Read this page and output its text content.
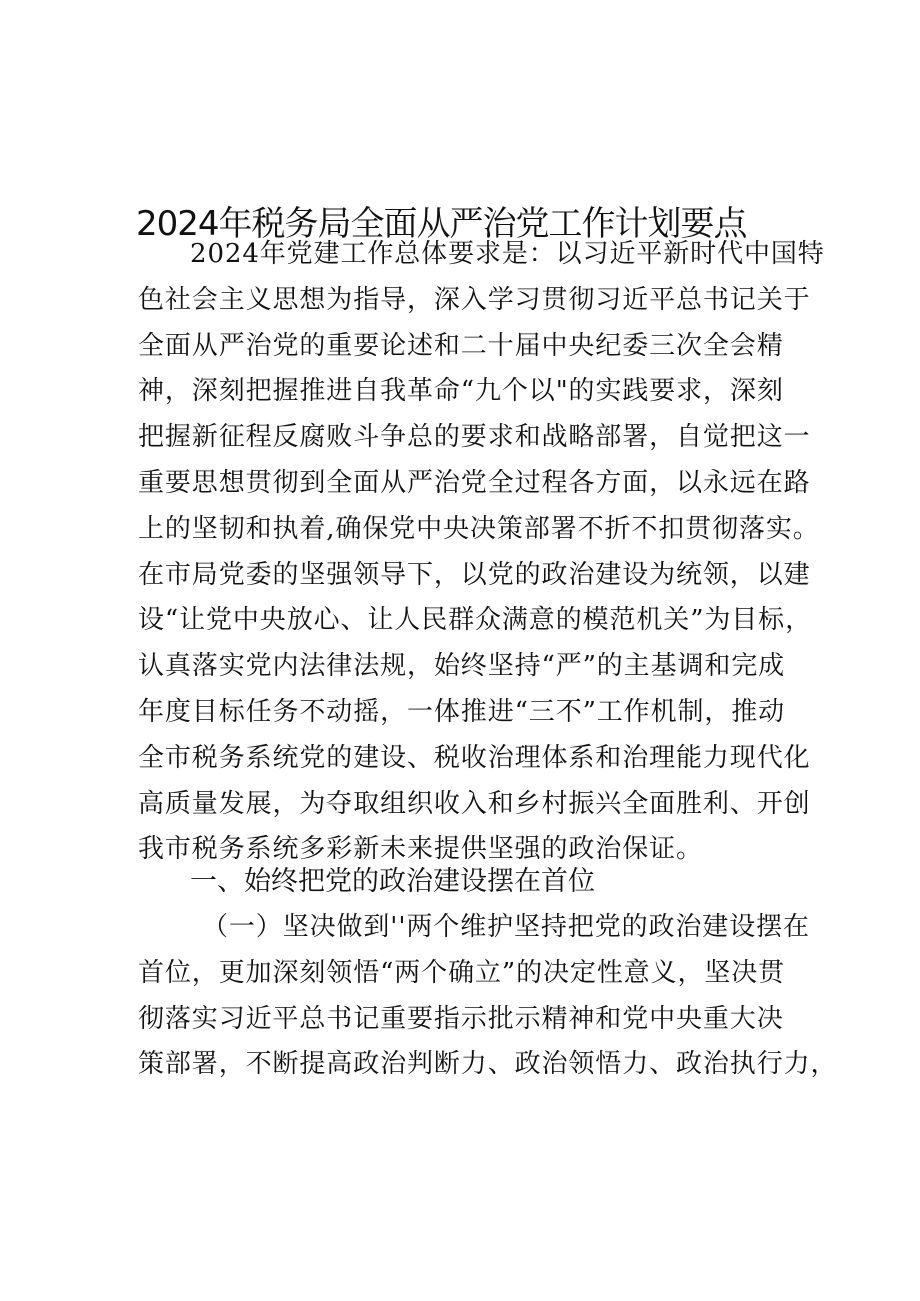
2024年税务局全面从严治党工作计划要点
2024年党建工作总体要求是：以习近平新时代中国特
色社会主义思想为指导，深入学习贯彻习近平总书记关于
全面从严治党的重要论述和二十届中央纪委三次全会精
神，深刻把握推进自我革命“九个以"的实践要求，深刻
把握新征程反腐败斗争总的要求和战略部署，自觉把这一
重要思想贯彻到全面从严治党全过程各方面，以永远在路
上的坚韧和执着,确保党中央决策部署不折不扣贯彻落实。
在市局党委的坚强领导下，以党的政治建设为统领，以建
设“让党中央放心、让人民群众满意的模范机关”为目标，
认真落实党内法律法规，始终坚持“严”的主基调和完成
年度目标任务不动摇，一体推进“三不”工作机制，推动
全市税务系统党的建设、税收治理体系和治理能力现代化
高质量发展，为夺取组织收入和乡村振兴全面胜利、开创
我市税务系统多彩新未来提供坚强的政治保证。
一、始终把党的政治建设摆在首位
（一）坚决做到''两个维护坚持把党的政治建设摆在
首位，更加深刻领悟“两个确立”的决定性意义，坚决贯
彻落实习近平总书记重要指示批示精神和党中央重大决
策部署，不断提高政治判断力、政治领悟力、政治执行力，
